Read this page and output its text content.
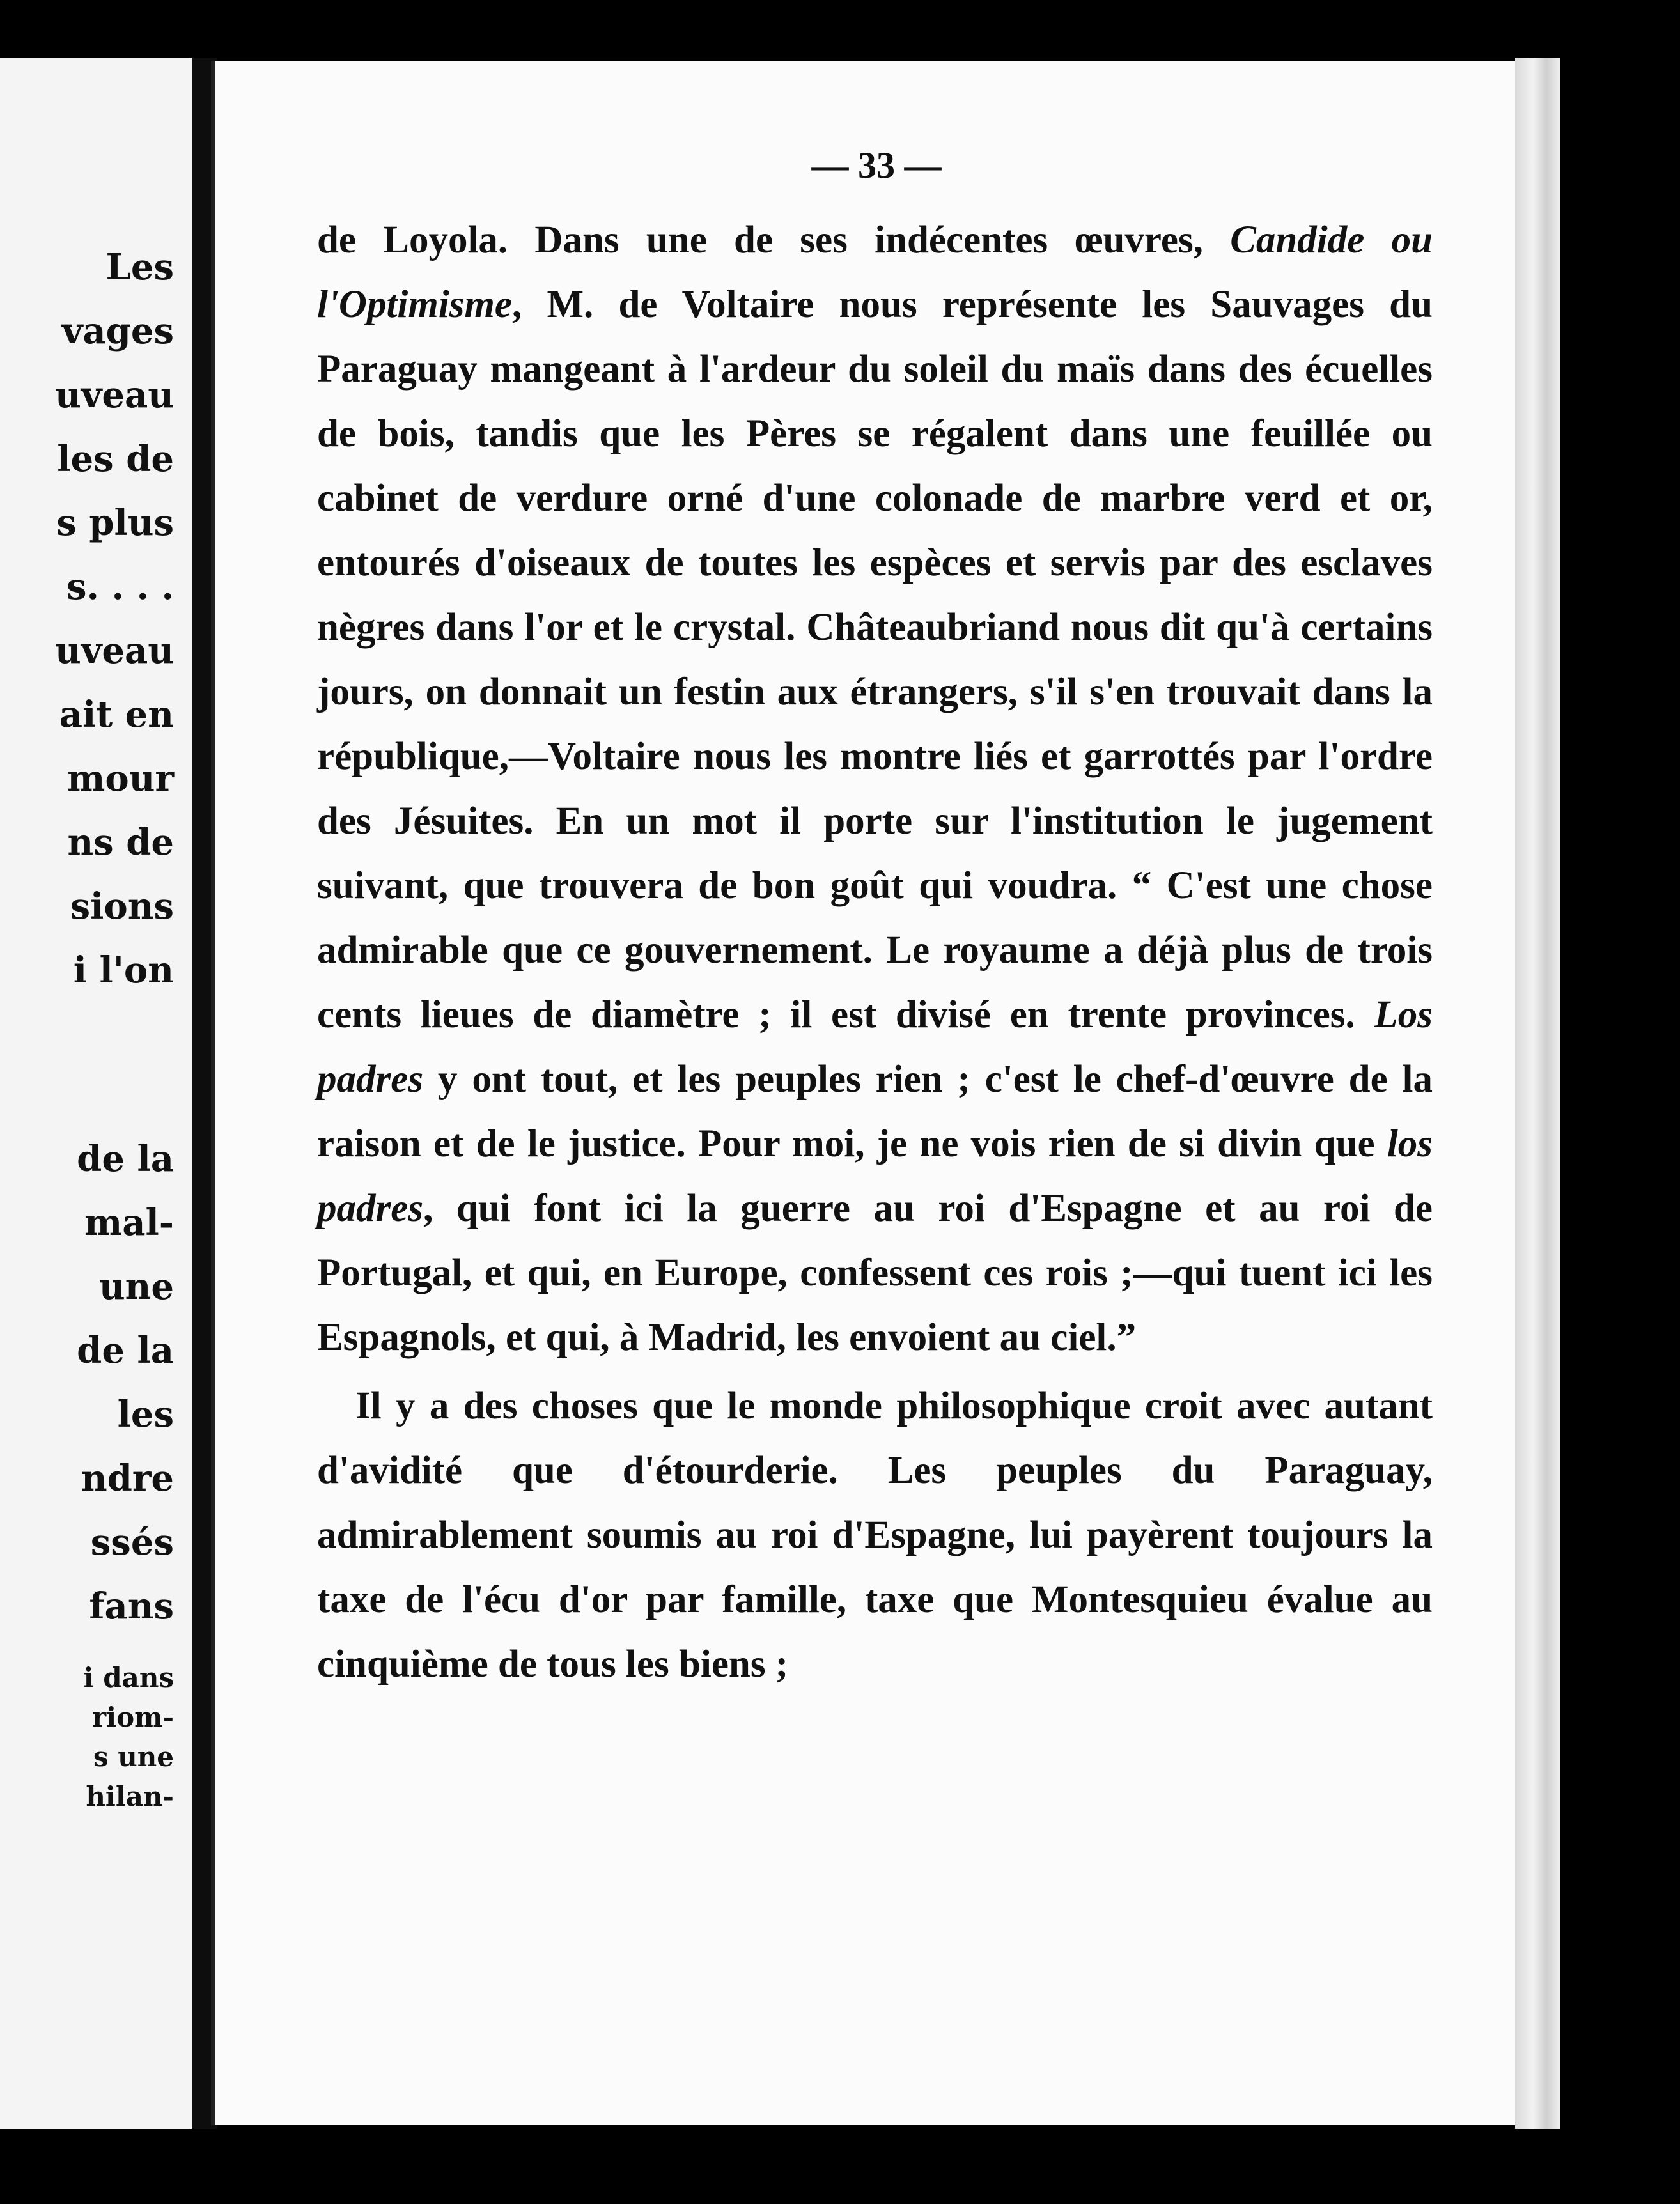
Les
vages
uveau
les de
s plus
s. . . .
uveau
ait en
mour
ns de
sions
i l'on
de la
mal-
une
de la
les
ndre
ssés
fans
i dans
riom-
s une
hilan-
— 33 —

de Loyola. Dans une de ses indécentes œuvres, Candide ou l'Optimisme, M. de Voltaire nous représente les Sauvages du Paraguay mangeant à l'ardeur du soleil du maïs dans des écuelles de bois, tandis que les Pères se régalent dans une feuillée ou cabinet de verdure orné d'une colonade de marbre verd et or, entourés d'oiseaux de toutes les espèces et servis par des esclaves nègres dans l'or et le crystal. Châteaubriand nous dit qu'à certains jours, on donnait un festin aux étrangers, s'il s'en trouvait dans la république,—Voltaire nous les montre liés et garrottés par l'ordre des Jésuites. En un mot il porte sur l'institution le jugement suivant, que trouvera de bon goût qui voudra. “ C'est une chose admirable que ce gouvernement. Le royaume a déjà plus de trois cents lieues de diamètre ; il est divisé en trente provinces. Los padres y ont tout, et les peuples rien ; c'est le chef-d'œuvre de la raison et de le justice. Pour moi, je ne vois rien de si divin que los padres, qui font ici la guerre au roi d'Espagne et au roi de Portugal, et qui, en Europe, confessent ces rois ;—qui tuent ici les Espagnols, et qui, à Madrid, les envoient au ciel.”

Il y a des choses que le monde philosophique croit avec autant d'avidité que d'étourderie. Les peuples du Paraguay, admirablement soumis au roi d'Espagne, lui payèrent toujours la taxe de l'écu d'or par famille, taxe que Montesquieu évalue au cinquième de tous les biens ;
